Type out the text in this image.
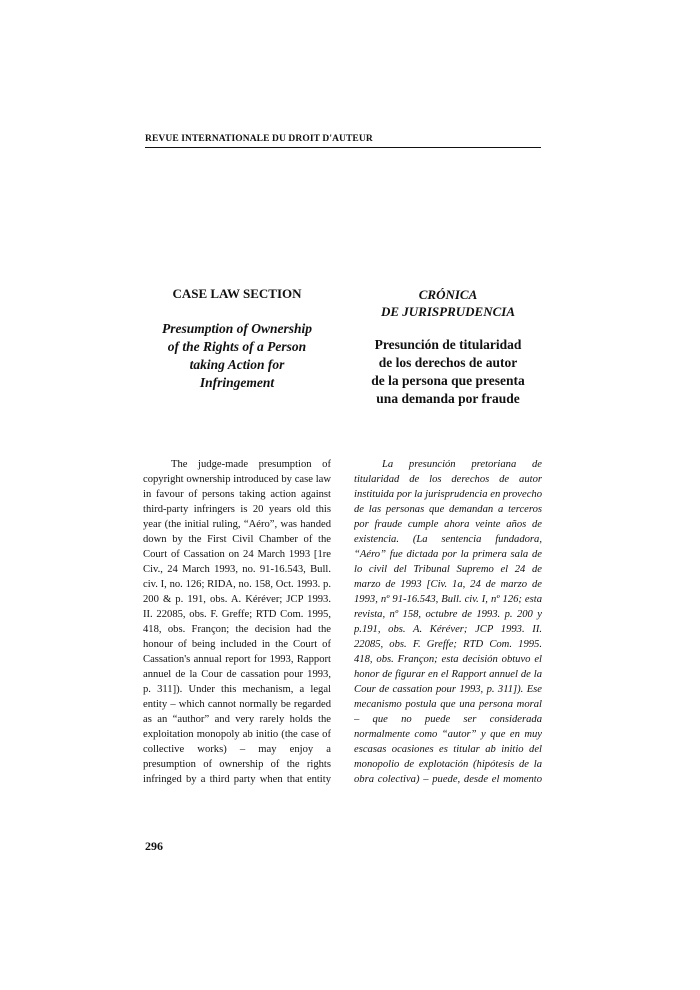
REVUE INTERNATIONALE DU DROIT D'AUTEUR
CASE LAW SECTION
Presumption of Ownership
of the Rights of a Person
taking Action for
Infringement
CRÓNICA
DE JURISPRUDENCIA
Presunción de titularidad
de los derechos de autor
de la persona que presenta
una demanda por fraude

The judge-made presumption of copyright ownership introduced by case law in favour of persons taking action against third-party infringers is 20 years old this year (the initial ruling, “Aéro”, was handed down by the First Civil Chamber of the Court of Cassation on 24 March 1993 [1re Civ., 24 March 1993, no. 91-16.543, Bull. civ. I, no. 126; RIDA, no. 158, Oct. 1993. p. 200 & p. 191, obs. A. Kéréver; JCP 1993. II. 22085, obs. F. Greffe; RTD Com. 1995, 418, obs. Françon; the decision had the honour of being included in the Court of Cassation's annual report for 1993, Rapport annuel de la Cour de cassation pour 1993, p. 311]). Under this mechanism, a legal entity – which cannot normally be regarded as an “author” and very rarely holds the exploitation monopoly ab initio (the case of collective works) – may enjoy a presumption of ownership of the rights infringed by a third party when that entity

La presunción pretoriana de titularidad de los derechos de autor instituida por la jurisprudencia en provecho de las personas que demandan a terceros por fraude cumple ahora veinte años de existencia. (La sentencia fundadora, “Aéro” fue dictada por la primera sala de lo civil del Tribunal Supremo el 24 de marzo de 1993 [Civ. 1a, 24 de marzo de 1993, nº 91-16.543, Bull. civ. I, nº 126; esta revista, nº 158, octubre de 1993. p. 200 y p.191, obs. A. Kéréver; JCP 1993. II. 22085, obs. F. Greffe; RTD Com. 1995. 418, obs. Françon; esta decisión obtuvo el honor de figurar en el Rapport annuel de la Cour de cassation pour 1993, p. 311]). Ese mecanismo postula que una persona moral – que no puede ser considerada normalmente como “autor” y que en muy escasas ocasiones es titular ab initio del monopolio de explotación (hipótesis de la obra colectiva) – puede, desde el momento

296
